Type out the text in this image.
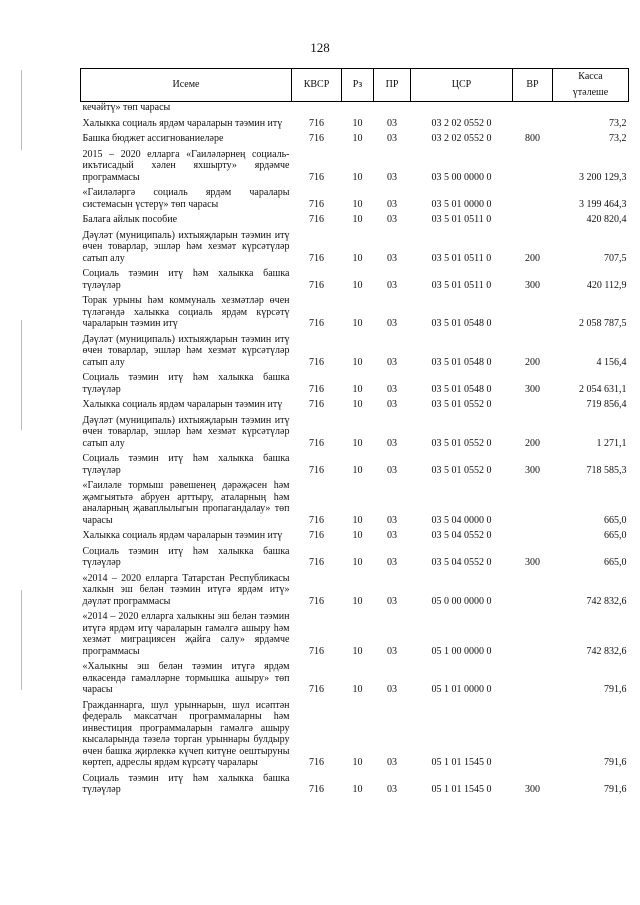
128
Исеме	КВСР	Рз	ПР	ЦСР	ВР	Касса
үтәлеше
кечәйтү» төп чарасы						
Халыкка социаль ярдәм чараларын тәэмин итү	716	10	03	03 2 02 0552 0		73,2
Башка бюджет ассигнованиеләре	716	10	03	03 2 02 0552 0	800	73,2
2015 – 2020 елларга «Гаиләләрнең социаль-икътисадый хәлен яхшырту» ярдәмче программасы	716	10	03	03 5 00 0000 0		3 200 129,3
«Гаиләләргә социаль ярдәм чаралары системасын үстерү» төп чарасы	716	10	03	03 5 01 0000 0		3 199 464,3
Балага айлык пособие	716	10	03	03 5 01 0511 0		420 820,4
Дәүләт (муниципаль) ихтыяҗларын тәэмин итү өчен товарлар, эшләр һәм хезмәт күрсәтүләр сатып алу	716	10	03	03 5 01 0511 0	200	707,5
Социаль тәэмин итү һәм халыкка башка түләүләр	716	10	03	03 5 01 0511 0	300	420 112,9
Торак урыны һәм коммуналь хезмәтләр өчен түләгәндә халыкка социаль ярдәм күрсәтү чараларын тәэмин итү	716	10	03	03 5 01 0548 0		2 058 787,5
Дәүләт (муниципаль) ихтыяҗларын тәэмин итү өчен товарлар, эшләр һәм хезмәт күрсәтүләр сатып алу	716	10	03	03 5 01 0548 0	200	4 156,4
Социаль тәэмин итү һәм халыкка башка түләүләр	716	10	03	03 5 01 0548 0	300	2 054 631,1
Халыкка социаль ярдәм чараларын тәэмин итү	716	10	03	03 5 01 0552 0		719 856,4
Дәүләт (муниципаль) ихтыяҗларын тәэмин итү өчен товарлар, эшләр һәм хезмәт күрсәтүләр сатып алу	716	10	03	03 5 01 0552 0	200	1 271,1
Социаль тәэмин итү һәм халыкка башка түләүләр	716	10	03	03 5 01 0552 0	300	718 585,3
«Гаиләле тормыш рәвешенең дәрәҗәсен һәм җәмгыятьтә абруен арттыру, аталарның һәм аналарның җаваплылыгын пропагандалау» төп чарасы	716	10	03	03 5 04 0000 0		665,0
Халыкка социаль ярдәм чараларын тәэмин итү	716	10	03	03 5 04 0552 0		665,0
Социаль тәэмин итү һәм халыкка башка түләүләр	716	10	03	03 5 04 0552 0	300	665,0
«2014 – 2020 елларга Татарстан Республикасы халкын эш белән тәэмин итүгә ярдәм итү» дәүләт программасы	716	10	03	05 0 00 0000 0		742 832,6
«2014 – 2020 елларга халыкны эш белән тәэмин итүгә ярдәм итү чараларын гамәлгә ашыру һәм хезмәт миграциясен җайга салу» ярдәмче программасы	716	10	03	05 1 00 0000 0		742 832,6
«Халыкны эш белән тәэмин итүгә ярдәм өлкәсендә гамәлләрне тормышка ашыру» төп чарасы	716	10	03	05 1 01 0000 0		791,6
Гражданнарга, шул урыннарын, шул исәптән федераль максатчан программаларны һәм инвестиция программаларын гамәлгә ашыру кысаларында тәзелә торган урыннары булдыру өчен башка җирлеккә күчеп китүне оештыруны көртеп, адреслы ярдәм күрсәтү чаралары	716	10	03	05 1 01 1545 0		791,6
Социаль тәэмин итү һәм халыкка башка түләүләр	716	10	03	05 1 01 1545 0	300	791,6
